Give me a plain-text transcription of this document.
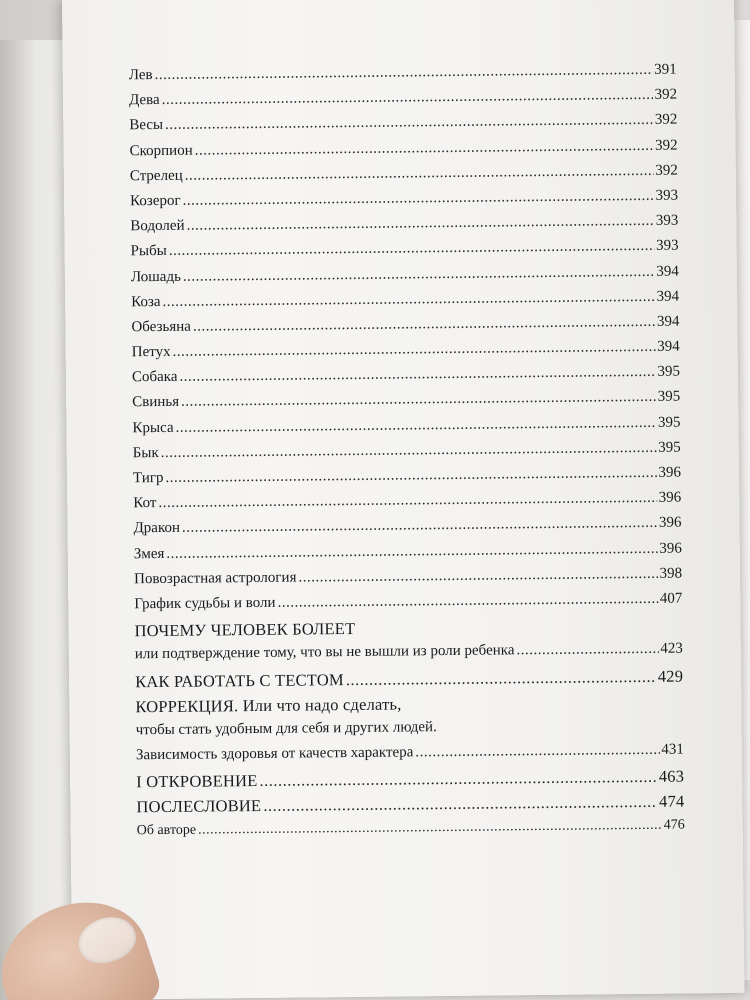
Лев .....	391
Дева .....	392
Весы .....	392
Скорпион .....	392
Стрелец .....	392
Козерог .....	393
Водолей .....	393
Рыбы .....	393
Лошадь .....	394
Коза .....	394
Обезьяна .....	394
Петух .....	394
Собака .....	395
Свинья .....	395
Крыса .....	395
Бык .....	395
Тигр .....	396
Кот .....	396
Дракон .....	396
Змея .....	396
Повозрастная астрология .....	398
График судьбы и воли .....	407
ПОЧЕМУ ЧЕЛОВЕК БОЛЕЕТ
или подтверждение тому, что вы не вышли из роли ребенка .....	423
КАК РАБОТАТЬ С ТЕСТОМ .....	429
КОРРЕКЦИЯ. Или что надо сделать,
чтобы стать удобным для себя и других людей.
Зависимость здоровья от качеств характера .....	431
I ОТКРОВЕНИЕ .....	463
ПОСЛЕСЛОВИЕ .....	474
Об авторе .....	476
